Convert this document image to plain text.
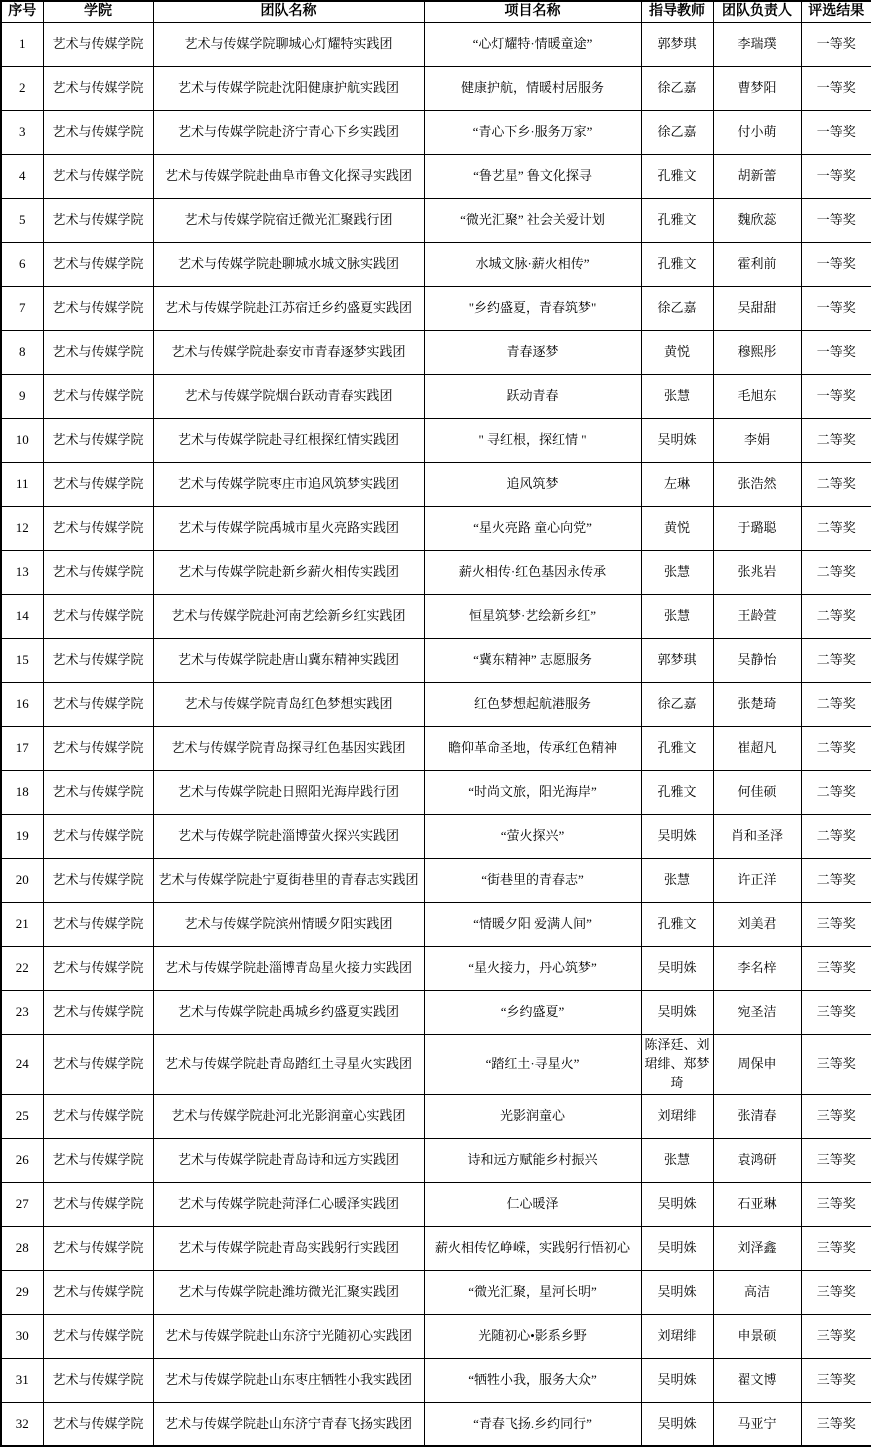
序号	学院	团队名称	项目名称	指导教师	团队负责人	评选结果
1	艺术与传媒学院	艺术与传媒学院聊城心灯耀特实践团	“心灯耀特·情暖童途”	郭梦琪	李瑞璞	一等奖
2	艺术与传媒学院	艺术与传媒学院赴沈阳健康护航实践团	健康护航，情暖村居服务	徐乙嘉	曹梦阳	一等奖
3	艺术与传媒学院	艺术与传媒学院赴济宁青心下乡实践团	“青心下乡·服务万家”	徐乙嘉	付小萌	一等奖
4	艺术与传媒学院	艺术与传媒学院赴曲阜市鲁文化探寻实践团	“鲁艺星” 鲁文化探寻	孔雅文	胡新蕾	一等奖
5	艺术与传媒学院	艺术与传媒学院宿迁微光汇聚践行团	“微光汇聚” 社会关爱计划	孔雅文	魏欣蕊	一等奖
6	艺术与传媒学院	艺术与传媒学院赴聊城水城文脉实践团	水城文脉·薪火相传”	孔雅文	霍利前	一等奖
7	艺术与传媒学院	艺术与传媒学院赴江苏宿迁乡约盛夏实践团	"乡约盛夏，青春筑梦"	徐乙嘉	吴甜甜	一等奖
8	艺术与传媒学院	艺术与传媒学院赴泰安市青春逐梦实践团	青春逐梦	黄悦	穆熙彤	一等奖
9	艺术与传媒学院	艺术与传媒学院烟台跃动青春实践团	跃动青春	张慧	毛旭东	一等奖
10	艺术与传媒学院	艺术与传媒学院赴寻红根探红情实践团	" 寻红根，探红情 "	吴明姝	李娟	二等奖
11	艺术与传媒学院	艺术与传媒学院枣庄市追风筑梦实践团	追风筑梦	左琳	张浩然	二等奖
12	艺术与传媒学院	艺术与传媒学院禹城市星火亮路实践团	“星火亮路 童心向党”	黄悦	于璐聪	二等奖
13	艺术与传媒学院	艺术与传媒学院赴新乡薪火相传实践团	薪火相传·红色基因永传承	张慧	张兆岩	二等奖
14	艺术与传媒学院	艺术与传媒学院赴河南艺绘新乡红实践团	恒星筑梦·艺绘新乡红”	张慧	王龄萱	二等奖
15	艺术与传媒学院	艺术与传媒学院赴唐山冀东精神实践团	“冀东精神” 志愿服务	郭梦琪	吴静怡	二等奖
16	艺术与传媒学院	艺术与传媒学院青岛红色梦想实践团	红色梦想起航港服务	徐乙嘉	张楚琦	二等奖
17	艺术与传媒学院	艺术与传媒学院青岛探寻红色基因实践团	瞻仰革命圣地，传承红色精神	孔雅文	崔超凡	二等奖
18	艺术与传媒学院	艺术与传媒学院赴日照阳光海岸践行团	“时尚文旅，阳光海岸”	孔雅文	何佳硕	二等奖
19	艺术与传媒学院	艺术与传媒学院赴淄博萤火探兴实践团	“萤火探兴”	吴明姝	肖和圣泽	二等奖
20	艺术与传媒学院	艺术与传媒学院赴宁夏街巷里的青春志实践团	“街巷里的青春志”	张慧	许正洋	二等奖
21	艺术与传媒学院	艺术与传媒学院滨州情暖夕阳实践团	“情暖夕阳 爱满人间”	孔雅文	刘美君	三等奖
22	艺术与传媒学院	艺术与传媒学院赴淄博青岛星火接力实践团	“星火接力，丹心筑梦”	吴明姝	李名梓	三等奖
23	艺术与传媒学院	艺术与传媒学院赴禹城乡约盛夏实践团	“乡约盛夏”	吴明姝	宛圣洁	三等奖
24	艺术与传媒学院	艺术与传媒学院赴青岛踏红土寻星火实践团	“踏红土·寻星火”	陈泽廷、刘珺绯、郑梦琦	周保申	三等奖
25	艺术与传媒学院	艺术与传媒学院赴河北光影润童心实践团	光影润童心	刘珺绯	张清春	三等奖
26	艺术与传媒学院	艺术与传媒学院赴青岛诗和远方实践团	诗和远方赋能乡村振兴	张慧	袁鸿研	三等奖
27	艺术与传媒学院	艺术与传媒学院赴菏泽仁心暖泽实践团	仁心暖泽	吴明姝	石亚琳	三等奖
28	艺术与传媒学院	艺术与传媒学院赴青岛实践躬行实践团	薪火相传忆峥嵘，实践躬行悟初心	吴明姝	刘泽鑫	三等奖
29	艺术与传媒学院	艺术与传媒学院赴潍坊微光汇聚实践团	“微光汇聚，星河长明”	吴明姝	高洁	三等奖
30	艺术与传媒学院	艺术与传媒学院赴山东济宁光随初心实践团	光随初心•影系乡野	刘珺绯	申景硕	三等奖
31	艺术与传媒学院	艺术与传媒学院赴山东枣庄牺牲小我实践团	“牺牲小我，服务大众”	吴明姝	翟文博	三等奖
32	艺术与传媒学院	艺术与传媒学院赴山东济宁青春飞扬实践团	“青春飞扬.乡约同行”	吴明姝	马亚宁	三等奖
